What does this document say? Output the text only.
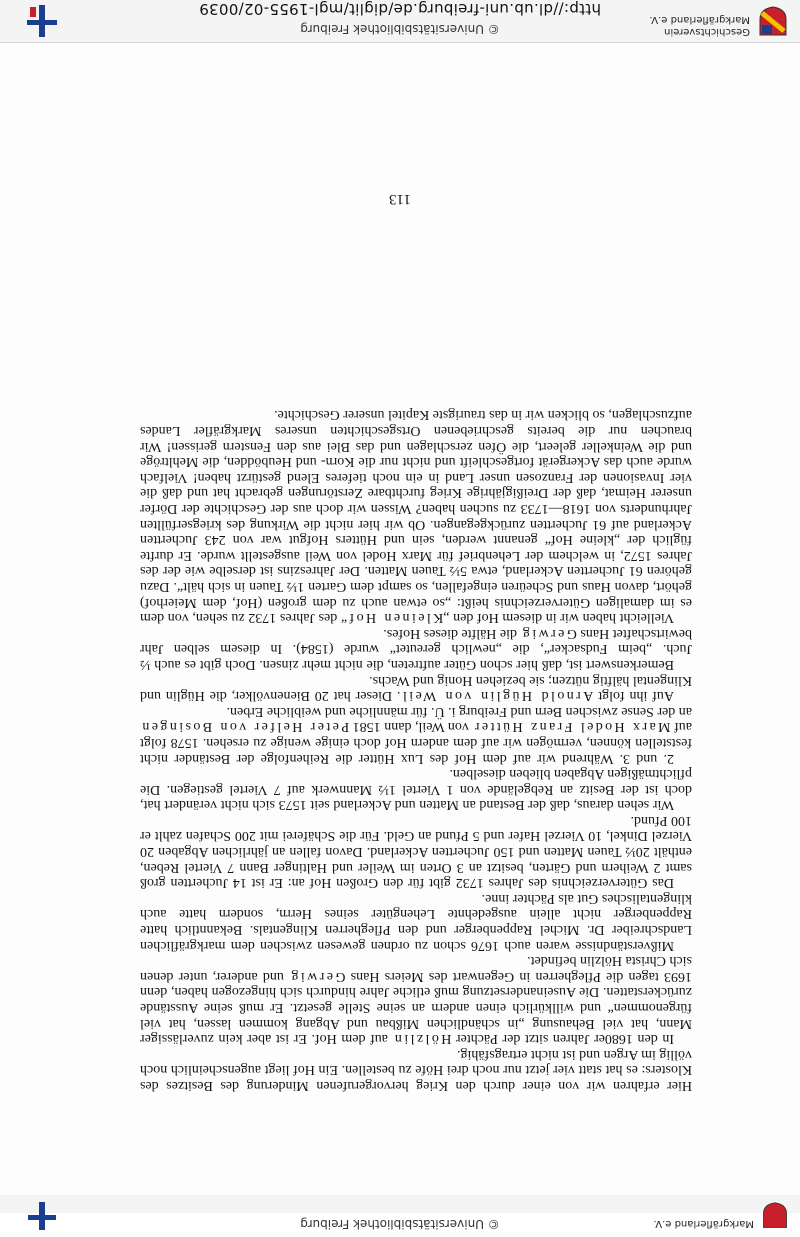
© Universitätsbibliothek Freiburg	Markgräflerland e.V.

Hier erfahren wir von einer durch den Krieg hervorgerufenen Minderung des Besitzes des Klosters: es hat statt vier jetzt nur noch drei Höfe zu bestellen. Ein Hof liegt augenscheinlich noch völlig im Argen und ist nicht ertragsfähig.

In den 1680er Jahren sitzt der Pächter Hölzlin auf dem Hof. Er ist aber kein zuverlässiger Mann, hat viel Behausung „in schändlichen Mißbau und Abgang kommen lassen, hat viel fürgenommen“ und willkürlich einen andern an seine Stelle gesetzt. Er muß seine Ausstände zurückerstatten. Die Auseinandersetzung muß etliche Jahre hindurch sich hingezogen haben, denn 1693 tagen die Pflegherren in Gegenwart des Meiers Hans Gerwig und anderer, unter denen sich Christa Hölzlin befindet.

Mißverständnisse waren auch 1676 schon zu ordnen gewesen zwischen dem markgräflichen Landschreiber Dr. Michel Rappenberger und den Pflegherren Klingentals. Bekanntlich hatte Rappenberger nicht allein ausgedehnte Lehengüter seines Herrn, sondern hatte auch klingentalisches Gut als Pächter inne.

Das Güterverzeichnis des Jahres 1732 gibt für den Großen Hof an: Er ist 14 Juchertten groß samt 2 Weihern und Gärten, besitzt an 3 Orten im Weiler und Haltinger Bann 7 Viertel Reben, enthält 20½ Tauen Matten und 150 Juchertten Ackerland. Davon fallen an jährlichen Abgaben 20 Vierzel Dinkel, 10 Vierzel Hafer und 5 Pfund an Geld. Für die Schäferei mit 200 Schafen zahlt er 100 Pfund.

Wir sehen daraus, daß der Bestand an Matten und Ackerland seit 1573 sich nicht verändert hat, doch ist der Besitz an Rebgelände von 1 Viertel 1½ Mannwerk auf 7 Viertel gestiegen. Die pflichtmäßigen Abgaben blieben dieselben.

2. und 3. Während wir auf dem Hof des Lux Hütter die Reihenfolge der Beständer nicht feststellen können, vermögen wir auf dem andern Hof doch einige wenige zu ersehen. 1578 folgt auf Marx Hodel Franz Hütter von Weil, dann 1581 Peter Helfer von Bosingen an der Sense zwischen Bern und Freiburg i. Ü. für männliche und weibliche Erben.

Auf ihn folgt Arnold Hüglin von Weil. Dieser hat 20 Bienenvölker, die Hüglin und Klingental hälftig nützen; sie beziehen Honig und Wachs.

Bemerkenswert ist, daß hier schon Güter auftreten, die nicht mehr zinsen. Doch gibt es auch ½ Juch. „beim Fudsacker“, die „newlich gereutet“ wurde (1584). In diesem selben Jahr bewirtschaftet Hans Gerwig die Hälfte dieses Hofes.

Vielleicht haben wir in diesem Hof den „Kleinen Hof“ des Jahres 1732 zu sehen, von dem es im damaligen Güterverzeichnis heißt: „so etwan auch zu dem großen (Hof, dem Meierhof) gehört, davon Haus und Scheüren eingefallen, so sampt dem Garten 1½ Tauen in sich hält“. Dazu gehören 61 Juchertten Ackerland, etwa 5½ Tauen Matten. Der Jahreszins ist derselbe wie der des Jahres 1572, in welchem der Lehenbrief für Marx Hodel von Weil ausgestellt wurde. Er durfte füglich der „kleine Hof“ genannt werden, sein und Hütters Hofgut war von 243 Juchertten Ackerland auf 61 Juchertten zurückgegangen. Ob wir hier nicht die Wirkung des kriegserfüllten Jahrhunderts von 1618—1733 zu suchen haben? Wissen wir doch aus der Geschichte der Dörfer unserer Heimat, daß der Dreißigjährige Krieg furchtbare Zerstörungen gebracht hat und daß die vier Invasionen der Franzosen unser Land in ein noch tieferes Elend gestürzt haben! Vielfach wurde auch das Ackergerät fortgeschleift und nicht nur die Korn- und Heubödden, die Mehltröge und die Weinkeller geleert, die Öfen zerschlagen und das Blei aus den Fenstern gerissen! Wir brauchen nur die bereits geschriebenen Ortsgeschichten unseres Markgräfler Landes aufzuschlagen, so blicken wir in das traurigste Kapitel unserer Geschichte.

113
Geschichtsverein
Markgräflerland e.V.
© Universitätsbibliothek Freiburg
http://dl.ub.uni-freiburg.de/diglit/mgl-1955-02/0039
